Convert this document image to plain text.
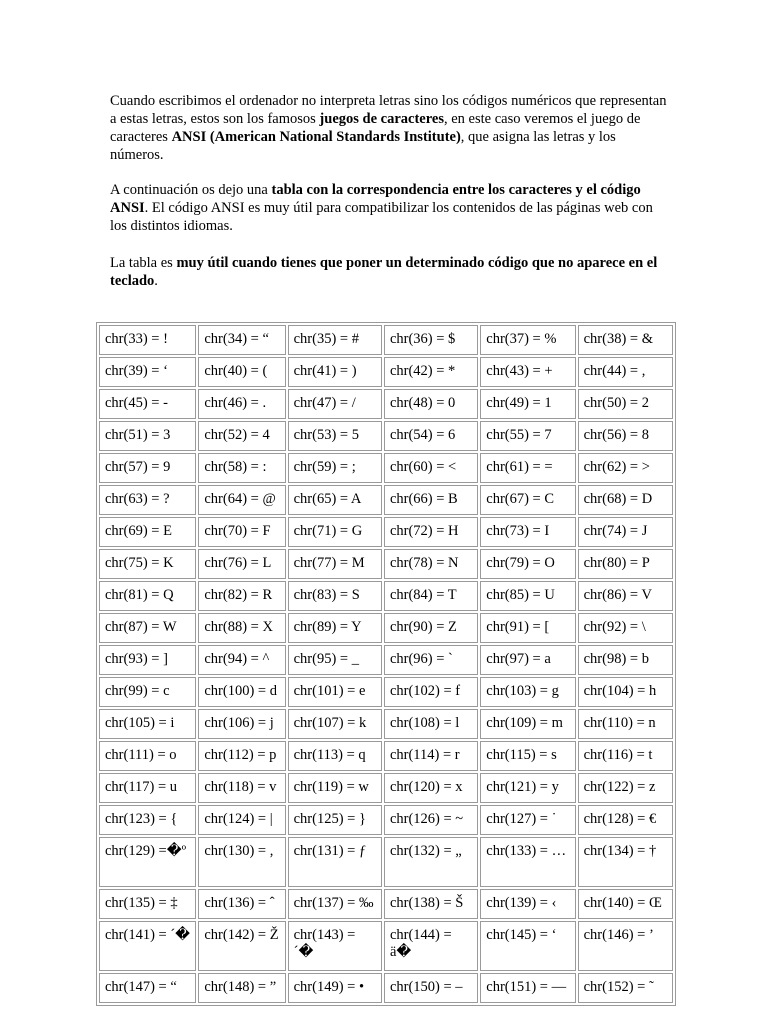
Cuando escribimos el ordenador no interpreta letras sino los códigos numéricos que representan a estas letras, estos son los famosos juegos de caracteres, en este caso veremos el juego de caracteres ANSI (American National Standards Institute), que asigna las letras y los números.
A continuación os dejo una tabla con la correspondencia entre los caracteres y el código ANSI. El código ANSI es muy útil para compatibilizar los contenidos de las páginas web con los distintos idiomas.
La tabla es muy útil cuando tienes que poner un determinado código que no aparece en el teclado.
chr(33) = !	chr(34) = “	chr(35) = #	chr(36) = $	chr(37) = %	chr(38) = &
chr(39) = ‘	chr(40) = (	chr(41) = )	chr(42) = *	chr(43) = +	chr(44) = ,
chr(45) = -	chr(46) = .	chr(47) = /	chr(48) = 0	chr(49) = 1	chr(50) = 2
chr(51) = 3	chr(52) = 4	chr(53) = 5	chr(54) = 6	chr(55) = 7	chr(56) = 8
chr(57) = 9	chr(58) = :	chr(59) = ;	chr(60) = <	chr(61) = =	chr(62) = >
chr(63) = ?	chr(64) = @	chr(65) = A	chr(66) = B	chr(67) = C	chr(68) = D
chr(69) = E	chr(70) = F	chr(71) = G	chr(72) = H	chr(73) = I	chr(74) = J
chr(75) = K	chr(76) = L	chr(77) = M	chr(78) = N	chr(79) = O	chr(80) = P
chr(81) = Q	chr(82) = R	chr(83) = S	chr(84) = T	chr(85) = U	chr(86) = V
chr(87) = W	chr(88) = X	chr(89) = Y	chr(90) = Z	chr(91) = [	chr(92) = \
chr(93) = ]	chr(94) = ^	chr(95) = _	chr(96) = `	chr(97) = a	chr(98) = b
chr(99) = c	chr(100) = d	chr(101) = e	chr(102) = f	chr(103) = g	chr(104) = h
chr(105) = i	chr(106) = j	chr(107) = k	chr(108) = l	chr(109) = m	chr(110) = n
chr(111) = o	chr(112) = p	chr(113) = q	chr(114) = r	chr(115) = s	chr(116) = t
chr(117) = u	chr(118) = v	chr(119) = w	chr(120) = x	chr(121) = y	chr(122) = z
chr(123) = {	chr(124) = |	chr(125) = }	chr(126) = ~	chr(127) = ˙	chr(128) = €
chr(129) =�º	chr(130) = ,	chr(131) = ƒ	chr(132) = „	chr(133) = …	chr(134) = †
chr(135) = ‡	chr(136) = ˆ	chr(137) = ‰	chr(138) = Š	chr(139) = ‹	chr(140) = Œ
chr(141) = ´�	chr(142) = Ž	chr(143) = ´�	chr(144) = ä�	chr(145) = ‘	chr(146) = ’
chr(147) = “	chr(148) = ”	chr(149) = •	chr(150) = –	chr(151) = —	chr(152) = ˜
